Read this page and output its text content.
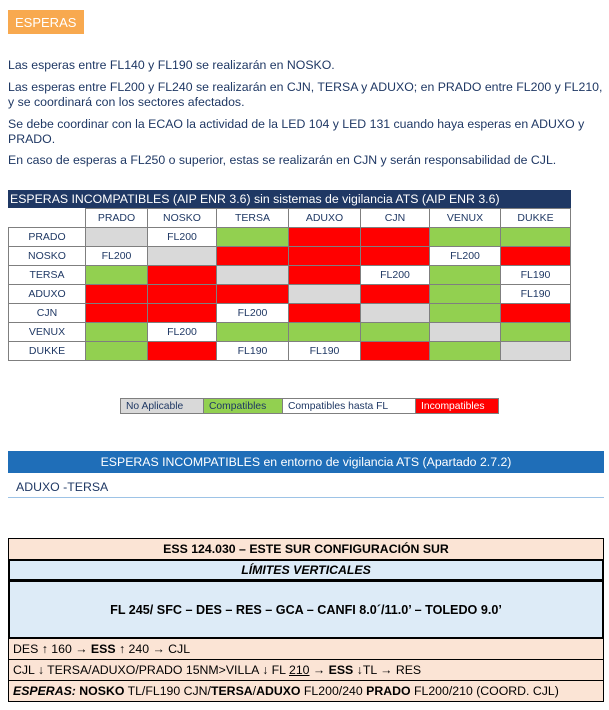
ESPERAS

Las esperas entre FL140 y FL190 se realizarán en NOSKO.

Las esperas entre FL200 y FL240 se realizarán en CJN, TERSA y ADUXO; en PRADO entre FL200 y FL210, y se coordinará con los sectores afectados.

Se debe coordinar con la ECAO la actividad de la LED 104 y LED 131 cuando haya esperas en ADUXO y PRADO.

En caso de esperas a FL250 o superior, estas se realizarán en CJN y serán responsabilidad de CJL.

ESPERAS INCOMPATIBLES (AIP ENR 3.6) sin sistemas de vigilancia ATS (AIP ENR 3.6)
	PRADO	NOSKO	TERSA	ADUXO	CJN	VENUX	DUKKE
PRADO		FL200					
NOSKO	FL200					FL200	
TERSA					FL200		FL190
ADUXO							FL190
CJN			FL200				
VENUX		FL200					
DUKKE			FL190	FL190			
No Aplicable	Compatibles	Compatibles hasta FL	Incompatibles
ESPERAS INCOMPATIBLES en entorno de vigilancia ATS (Apartado 2.7.2)
ADUXO -TERSA
ESS 124.030 – ESTE SUR CONFIGURACIÓN SUR
LÍMITES VERTICALES
FL 245/ SFC – DES – RES – GCA – CANFI 8.0´/11.0’ – TOLEDO 9.0’
DES ↑ 160 → ESS ↑ 240 → CJL
CJL ↓ TERSA/ADUXO/PRADO 15NM>VILLA ↓ FL 210 → ESS ↓TL → RES
ESPERAS: NOSKO TL/FL190 CJN/ TERSA / ADUXO FL200/240 PRADO FL200/210 (COORD. CJL)
